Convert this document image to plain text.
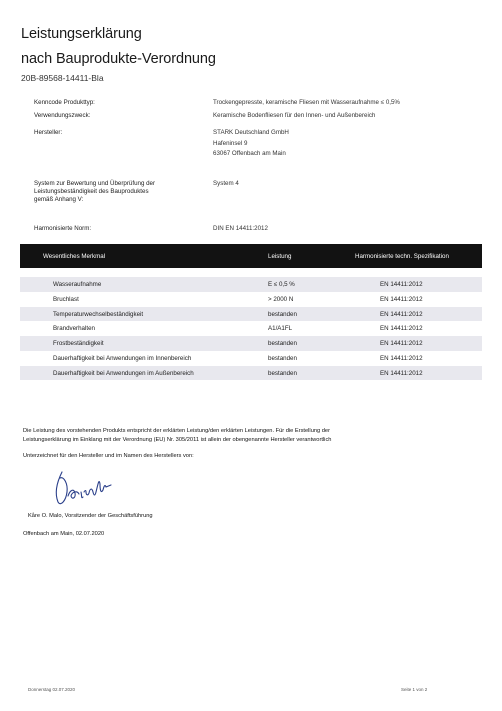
Leistungserklärung
nach Bauprodukte-Verordnung
20B-89568-14411-Bla
Kenncode Produkttyp:	Trockengepresste, keramische Fliesen mit Wasseraufnahme ≤ 0,5%
Verwendungszweck:	Keramische Bodenfliesen für den Innen- und Außenbereich
Hersteller:	STARK Deutschland GmbH
Hafeninsel 9
63067 Offenbach am Main
System zur Bewertung und Überprüfung der
Leistungsbeständigkeit des Bauproduktes
gemäß Anhang V:
System 4
Harmonisierte Norm:	DIN EN 14411:2012
Wesentliches Merkmal	Leistung	Harmonisierte techn. Spezifikation
Wasseraufnahme	E ≤ 0,5 %	EN 14411:2012
Bruchlast	> 2000 N	EN 14411:2012
Temperaturwechselbeständigkeit	bestanden	EN 14411:2012
Brandverhalten	A1/A1FL	EN 14411:2012
Frostbeständigkeit	bestanden	EN 14411:2012
Dauerhaftigkeit bei Anwendungen im Innenbereich	bestanden	EN 14411:2012
Dauerhaftigkeit bei Anwendungen im Außenbereich	bestanden	EN 14411:2012
Die Leistung des vorstehenden Produkts entspricht der erklärten Leistung/den erklärten Leistungen. Für die Erstellung der
Leistungserklärung im Einklang mit der Verordnung (EU) Nr. 305/2011 ist allein der obengenannte Hersteller verantwortlich
Unterzeichnet für den Hersteller und im Namen des Herstellers von:
Kåre O. Malo, Vorsitzender der Geschäftsführung
Offenbach am Main, 02.07.2020
Donnerstag 02.07.2020	Seite 1 von 2
